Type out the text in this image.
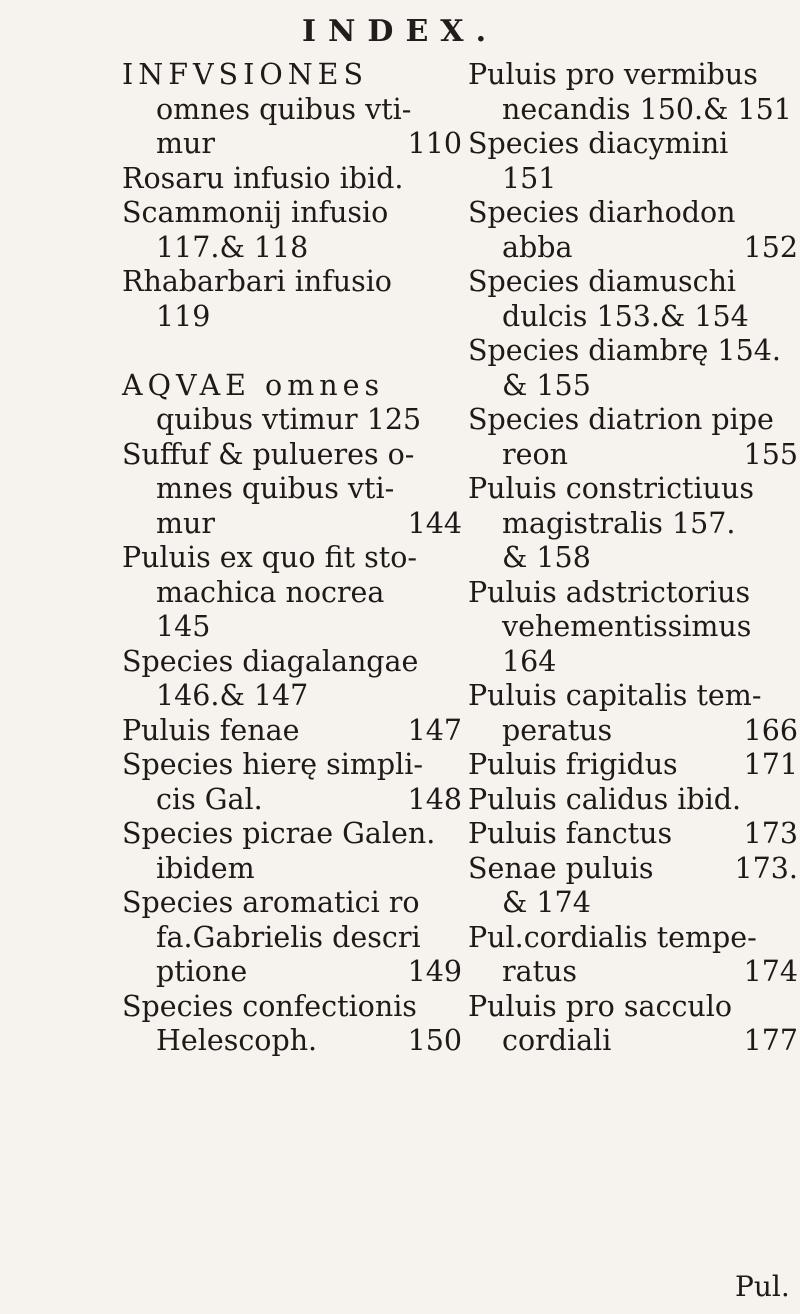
INDEX.
INFVSIONES
omnes quibus vti-
mur	110
Rosaru infusio ibid.
Scammonij infusio
117.& 118
Rhabarbari infusio
119
AQVAE omnes
quibus vtimur 125
Suffuf & pulueres o-
mnes quibus vti-
mur	144
Puluis ex quo fit sto-
machica nocrea
145
Species diagalangae
146.& 147
Puluis fenae	147
Species hierę simpli-
cis Gal.	148
Species picrae Galen.
ibidem
Species aromatici ro
fa.Gabrielis descri
ptione	149
Species confectionis
Helescoph.	150
Puluis pro vermibus
necandis 150.& 151
Species diacymini
151
Species diarhodon
abba	152
Species diamuschi
dulcis 153.& 154
Species diambrę 154.
& 155
Species diatrion pipe
reon	155
Puluis constrictiuus
magistralis 157.
& 158
Puluis adstrictorius
vehementissimus
164
Puluis capitalis tem-
peratus	166
Puluis frigidus 171
Puluis calidus ibid.
Puluis fanctus	173
Senae puluis	173.
& 174
Pul.cordialis tempe-
ratus	174
Puluis pro sacculo
cordiali	177
Pul.
